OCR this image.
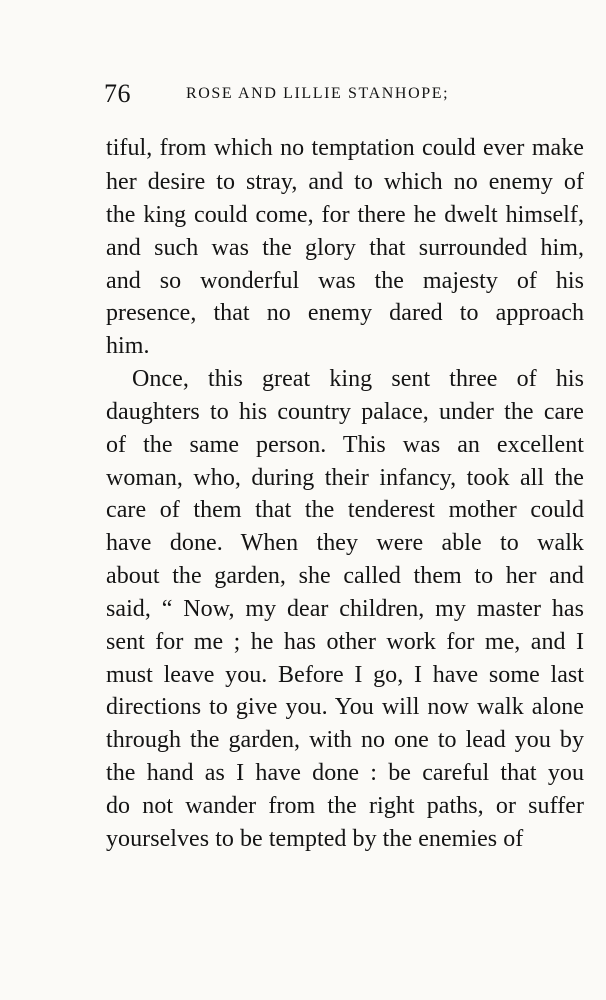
76	ROSE AND LILLIE STANHOPE;
tiful, from which no temptation could ever make
her desire to stray, and to which no enemy of
the king could come, for there he dwelt himself,
and such was the glory that surrounded him,
and so wonderful was the majesty of his
presence, that no enemy dared to approach
him.
Once, this great king sent three of his
daughters to his country palace, under the care
of the same person. This was an excellent
woman, who, during their infancy, took all the
care of them that the tenderest mother could
have done. When they were able to walk
about the garden, she called them to her and
said, “ Now, my dear children, my master has
sent for me ; he has other work for me, and I
must leave you. Before I go, I have some last
directions to give you. You will now walk alone
through the garden, with no one to lead you by
the hand as I have done : be careful that you
do not wander from the right paths, or suffer
yourselves to be tempted by the enemies of
